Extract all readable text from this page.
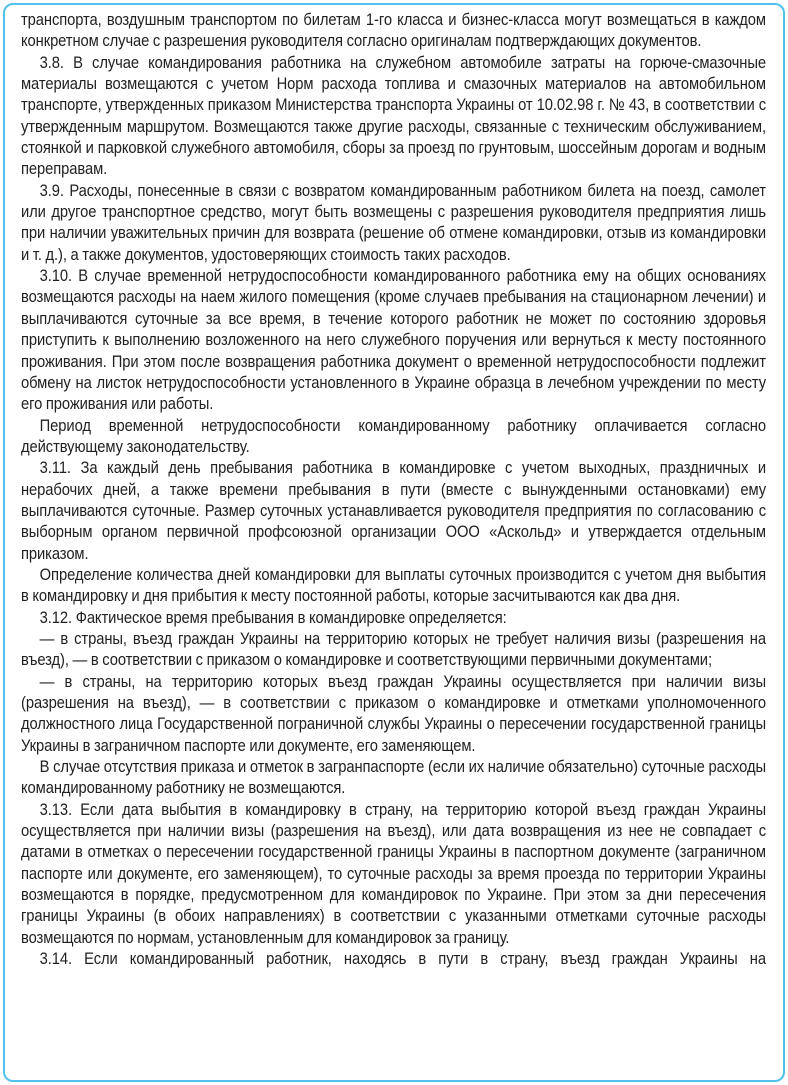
транспорта, воздушным транспортом по билетам 1-го класса и бизнес-класса могут возмещаться в каждом конкретном случае с разрешения руководителя согласно оригиналам подтверждающих документов.

3.8. В случае командирования работника на служебном автомобиле затраты на горюче-смазочные материалы возмещаются с учетом Норм расхода топлива и смазочных материалов на автомобильном транспорте, утвержденных приказом Министерства транспорта Украины от 10.02.98 г. № 43, в соответствии с утвержденным маршрутом. Возмещаются также другие расходы, связанные с техническим обслуживанием, стоянкой и парковкой служебного автомобиля, сборы за проезд по грунтовым, шоссейным дорогам и водным переправам.

3.9. Расходы, понесенные в связи с возвратом командированным работником билета на поезд, самолет или другое транспортное средство, могут быть возмещены с разрешения руководителя предприятия лишь при наличии уважительных причин для возврата (решение об отмене командировки, отзыв из командировки и т. д.), а также документов, удостоверяющих стоимость таких расходов.

3.10. В случае временной нетрудоспособности командированного работника ему на общих основаниях возмещаются расходы на наем жилого помещения (кроме случаев пребывания на стационарном лечении) и выплачиваются суточные за все время, в течение которого работник не может по состоянию здоровья приступить к выполнению возложенного на него служебного поручения или вернуться к месту постоянного проживания. При этом после возвращения работника документ о временной нетрудоспособности подлежит обмену на листок нетрудоспособности установленного в Украине образца в лечебном учреждении по месту его проживания или работы.

Период временной нетрудоспособности командированному работнику оплачивается согласно действующему законодательству.

3.11. За каждый день пребывания работника в командировке с учетом выходных, праздничных и нерабочих дней, а также времени пребывания в пути (вместе с вынужденными остановками) ему выплачиваются суточные. Размер суточных устанавливается руководителя предприятия по согласованию с выборным органом первичной профсоюзной организации ООО «Аскольд» и утверждается отдельным приказом.

Определение количества дней командировки для выплаты суточных производится с учетом дня выбытия в командировку и дня прибытия к месту постоянной работы, которые засчитываются как два дня.

3.12. Фактическое время пребывания в командировке определяется:

— в страны, въезд граждан Украины на территорию которых не требует наличия визы (разрешения на въезд), — в соответствии с приказом о командировке и соответствующими первичными документами;

— в страны, на территорию которых въезд граждан Украины осуществляется при наличии визы (разрешения на въезд), — в соответствии с приказом о командировке и отметками уполномоченного должностного лица Государственной пограничной службы Украины о пересечении государственной границы Украины в заграничном паспорте или документе, его заменяющем.

В случае отсутствия приказа и отметок в загранпаспорте (если их наличие обязательно) суточные расходы командированному работнику не возмещаются.

3.13. Если дата выбытия в командировку в страну, на территорию которой въезд граждан Украины осуществляется при наличии визы (разрешения на въезд), или дата возвращения из нее не совпадает с датами в отметках о пересечении государственной границы Украины в паспортном документе (заграничном паспорте или документе, его заменяющем), то суточные расходы за время проезда по территории Украины возмещаются в порядке, предусмотренном для командировок по Украине. При этом за дни пересечения границы Украины (в обоих направлениях) в соответствии с указанными отметками суточные расходы возмещаются по нормам, установленным для командировок за границу.

3.14. Если командированный работник, находясь в пути в страну, въезд граждан Украины на
